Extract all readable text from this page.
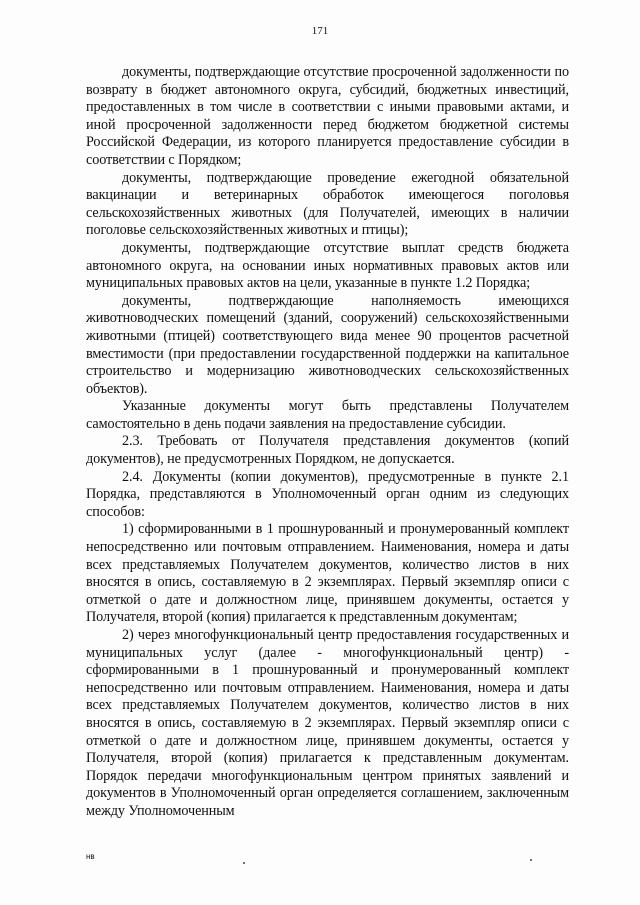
171

документы, подтверждающие отсутствие просроченной задолженности по возврату в бюджет автономного округа, субсидий, бюджетных инвестиций, предоставленных в том числе в соответствии с иными правовыми актами, и иной просроченной задолженности перед бюджетом бюджетной системы Российской Федерации, из которого планируется предоставление субсидии в соответствии с Порядком;

документы, подтверждающие проведение ежегодной обязательной вакцинации и ветеринарных обработок имеющегося поголовья сельскохозяйственных животных (для Получателей, имеющих в наличии поголовье сельскохозяйственных животных и птицы);

документы, подтверждающие отсутствие выплат средств бюджета автономного округа, на основании иных нормативных правовых актов или муниципальных правовых актов на цели, указанные в пункте 1.2 Порядка;

документы, подтверждающие наполняемость имеющихся животноводческих помещений (зданий, сооружений) сельскохозяйственными животными (птицей) соответствующего вида менее 90 процентов расчетной вместимости (при предоставлении государственной поддержки на капитальное строительство и модернизацию животноводческих сельскохозяйственных объектов).

Указанные документы могут быть представлены Получателем самостоятельно в день подачи заявления на предоставление субсидии.

2.3. Требовать от Получателя представления документов (копий документов), не предусмотренных Порядком, не допускается.

2.4. Документы (копии документов), предусмотренные в пункте 2.1 Порядка, представляются в Уполномоченный орган одним из следующих способов:

1) сформированными в 1 прошнурованный и пронумерованный комплект непосредственно или почтовым отправлением. Наименования, номера и даты всех представляемых Получателем документов, количество листов в них вносятся в опись, составляемую в 2 экземплярах. Первый экземпляр описи с отметкой о дате и должностном лице, принявшем документы, остается у Получателя, второй (копия) прилагается к представленным документам;

2) через многофункциональный центр предоставления государственных и муниципальных услуг (далее - многофункциональный центр) - сформированными в 1 прошнурованный и пронумерованный комплект непосредственно или почтовым отправлением. Наименования, номера и даты всех представляемых Получателем документов, количество листов в них вносятся в опись, составляемую в 2 экземплярах. Первый экземпляр описи с отметкой о дате и должностном лице, принявшем документы, остается у Получателя, второй (копия) прилагается к представленным документам. Порядок передачи многофункциональным центром принятых заявлений и документов в Уполномоченный орган определяется соглашением, заключенным между Уполномоченным

нв
